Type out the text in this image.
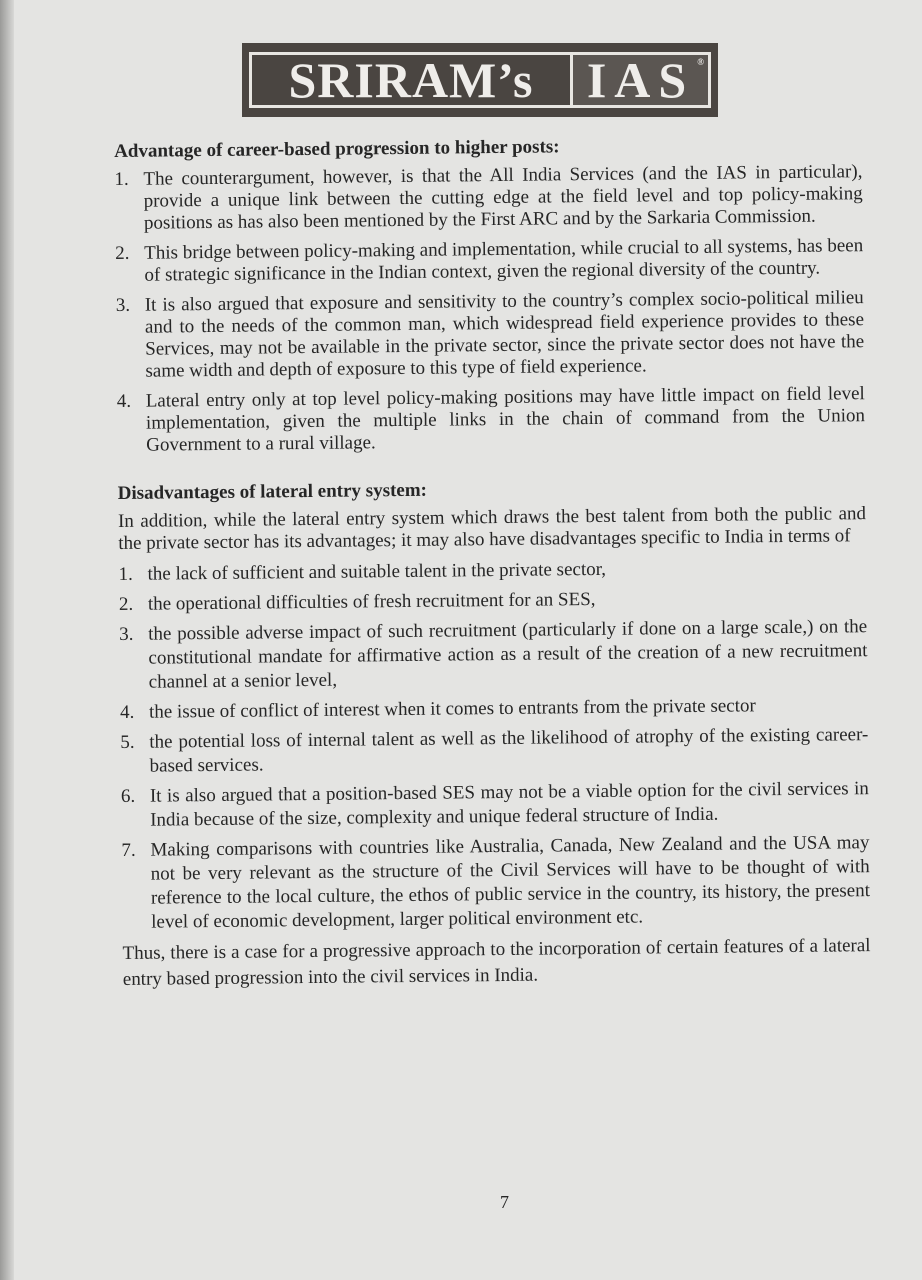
SRIRAM’s	IAS ®
Advantage of career-based progression to higher posts:
1. The counterargument, however, is that the All India Services (and the IAS in particular), provide a unique link between the cutting edge at the field level and top policy-making positions as has also been mentioned by the First ARC and by the Sarkaria Commission.
2. This bridge between policy-making and implementation, while crucial to all systems, has been of strategic significance in the Indian context, given the regional diversity of the country.
3. It is also argued that exposure and sensitivity to the country’s complex socio-political milieu and to the needs of the common man, which widespread field experience provides to these Services, may not be available in the private sector, since the private sector does not have the same width and depth of exposure to this type of field experience.
4. Lateral entry only at top level policy-making positions may have little impact on field level implementation, given the multiple links in the chain of command from the Union Government to a rural village.
Disadvantages of lateral entry system:

In addition, while the lateral entry system which draws the best talent from both the public and the private sector has its advantages; it may also have disadvantages specific to India in terms of

1. the lack of sufficient and suitable talent in the private sector,
2. the operational difficulties of fresh recruitment for an SES,
3. the possible adverse impact of such recruitment (particularly if done on a large scale,) on the constitutional mandate for affirmative action as a result of the creation of a new recruitment channel at a senior level,
4. the issue of conflict of interest when it comes to entrants from the private sector
5. the potential loss of internal talent as well as the likelihood of atrophy of the existing career-based services.
6. It is also argued that a position-based SES may not be a viable option for the civil services in India because of the size, complexity and unique federal structure of India.
7. Making comparisons with countries like Australia, Canada, New Zealand and the USA may not be very relevant as the structure of the Civil Services will have to be thought of with reference to the local culture, the ethos of public service in the country, its history, the present level of economic development, larger political environment etc.

Thus, there is a case for a progressive approach to the incorporation of certain features of a lateral entry based progression into the civil services in India.

7
